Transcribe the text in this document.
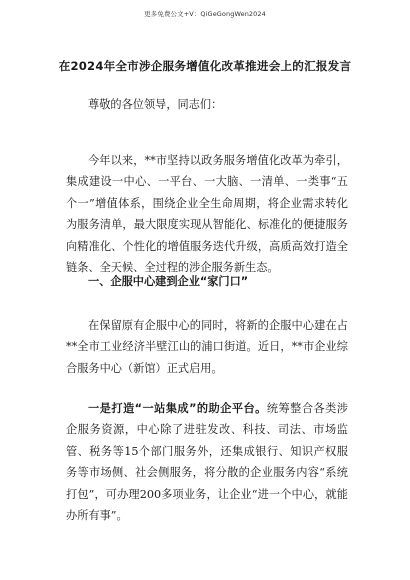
更多免费公文+V：QiGeGongWen2024
在2024年全市涉企服务增值化改革推进会上的汇报发言

尊敬的各位领导，同志们：

今年以来，**市坚持以政务服务增值化改革为牵引，集成建设一中心、一平台、一大脑、一清单、一类事“五个一”增值体系，围绕企业全生命周期，将企业需求转化为服务清单，最大限度实现从智能化、标准化的便捷服务向精准化、个性化的增值服务迭代升级，高质高效打造全链条、全天候、全过程的涉企服务新生态。

一、企服中心建到企业“家门口”

在保留原有企服中心的同时，将新的企服中心建在占**全市工业经济半壁江山的浦口街道。近日，**市企业综合服务中心（新馆）正式启用。

一是打造“一站集成”的助企平台。统筹整合各类涉企服务资源，中心除了进驻发改、科技、司法、市场监管、税务等15个部门服务外，还集成银行、知识产权服务等市场侧、社会侧服务，将分散的企业服务内容“系统打包”，可办理200多项业务，让企业“进一个中心，就能办所有事”。
